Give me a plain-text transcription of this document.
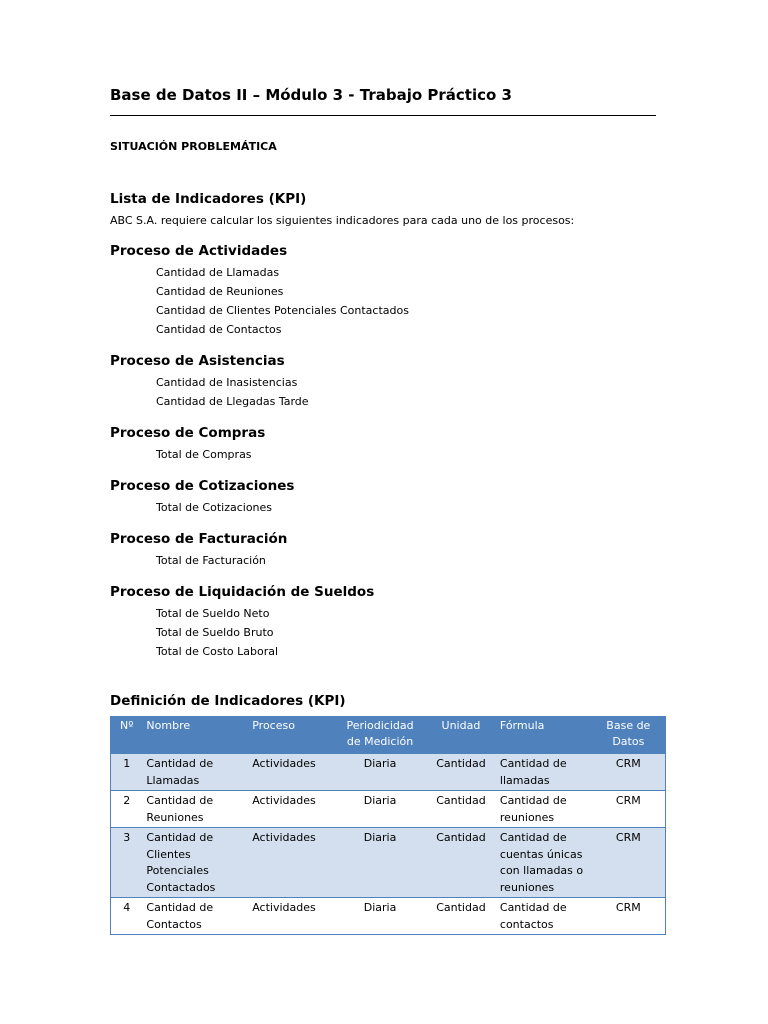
Base de Datos II – Módulo 3 - Trabajo Práctico 3
SITUACIÓN PROBLEMÁTICA
Lista de Indicadores (KPI)
ABC S.A. requiere calcular los siguientes indicadores para cada uno de los procesos:
Proceso de Actividades
Cantidad de Llamadas
Cantidad de Reuniones
Cantidad de Clientes Potenciales Contactados
Cantidad de Contactos
Proceso de Asistencias
Cantidad de Inasistencias
Cantidad de Llegadas Tarde
Proceso de Compras
Total de Compras
Proceso de Cotizaciones
Total de Cotizaciones
Proceso de Facturación
Total de Facturación
Proceso de Liquidación de Sueldos
Total de Sueldo Neto
Total de Sueldo Bruto
Total de Costo Laboral
Definición de Indicadores (KPI)
Nº	Nombre	Proceso	Periodicidad de Medición	Unidad	Fórmula	Base de Datos
1	Cantidad de Llamadas	Actividades	Diaria	Cantidad	Cantidad de llamadas	CRM
2	Cantidad de Reuniones	Actividades	Diaria	Cantidad	Cantidad de reuniones	CRM
3	Cantidad de Clientes Potenciales Contactados	Actividades	Diaria	Cantidad	Cantidad de cuentas únicas con llamadas o reuniones	CRM
4	Cantidad de Contactos	Actividades	Diaria	Cantidad	Cantidad de contactos	CRM
